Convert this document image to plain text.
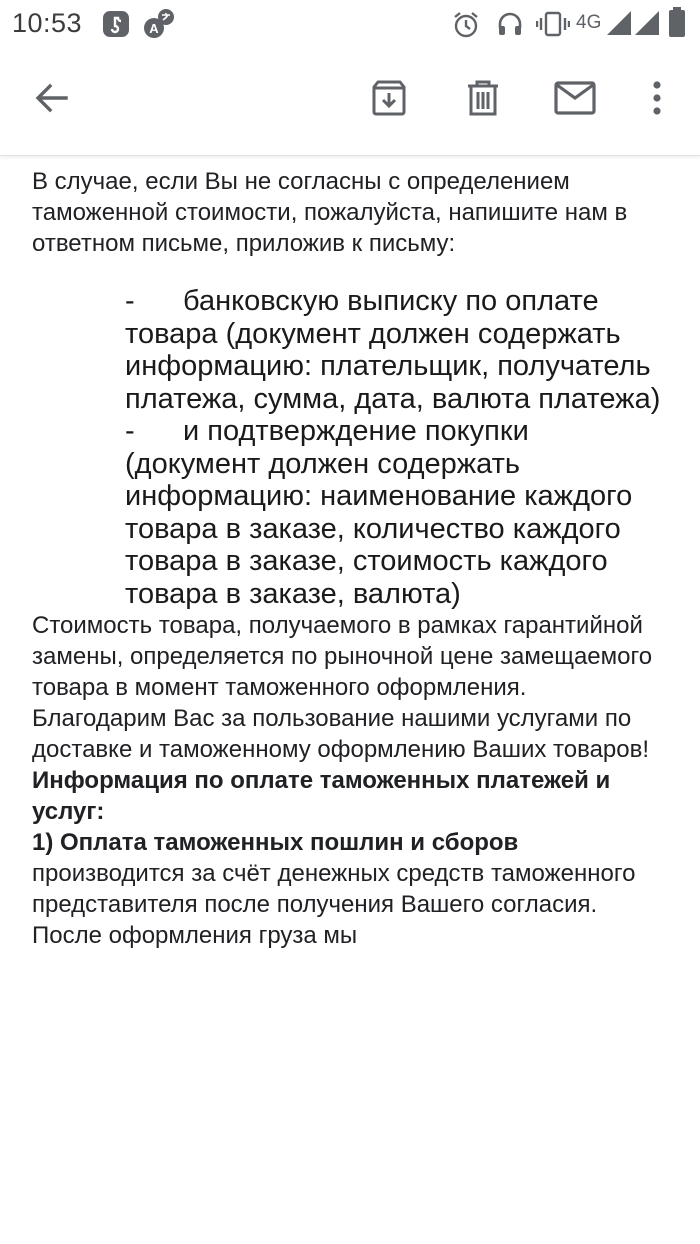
10:53	A	4G

В случае, если Вы не согласны с определением таможенной стоимости, пожалуйста, напишите нам в ответном письме, приложив к письму:

- банковскую выписку по оплате товара (документ должен содержать информацию: плательщик, получатель платежа, сумма, дата, валюта платежа)
- и подтверждение покупки (документ должен содержать информацию: наименование каждого товара в заказе, количество каждого товара в заказе, стоимость каждого товара в заказе, валюта)

Стоимость товара, получаемого в рамках гарантийной замены, определяется по рыночной цене замещаемого товара в момент таможенного оформления.

Благодарим Вас за пользование нашими услугами по доставке и таможенному оформлению Ваших товаров!

Информация по оплате таможенных платежей и услуг:

1) Оплата таможенных пошлин и сборов производится за счёт денежных средств таможенного представителя после получения Вашего согласия. После оформления груза мы
